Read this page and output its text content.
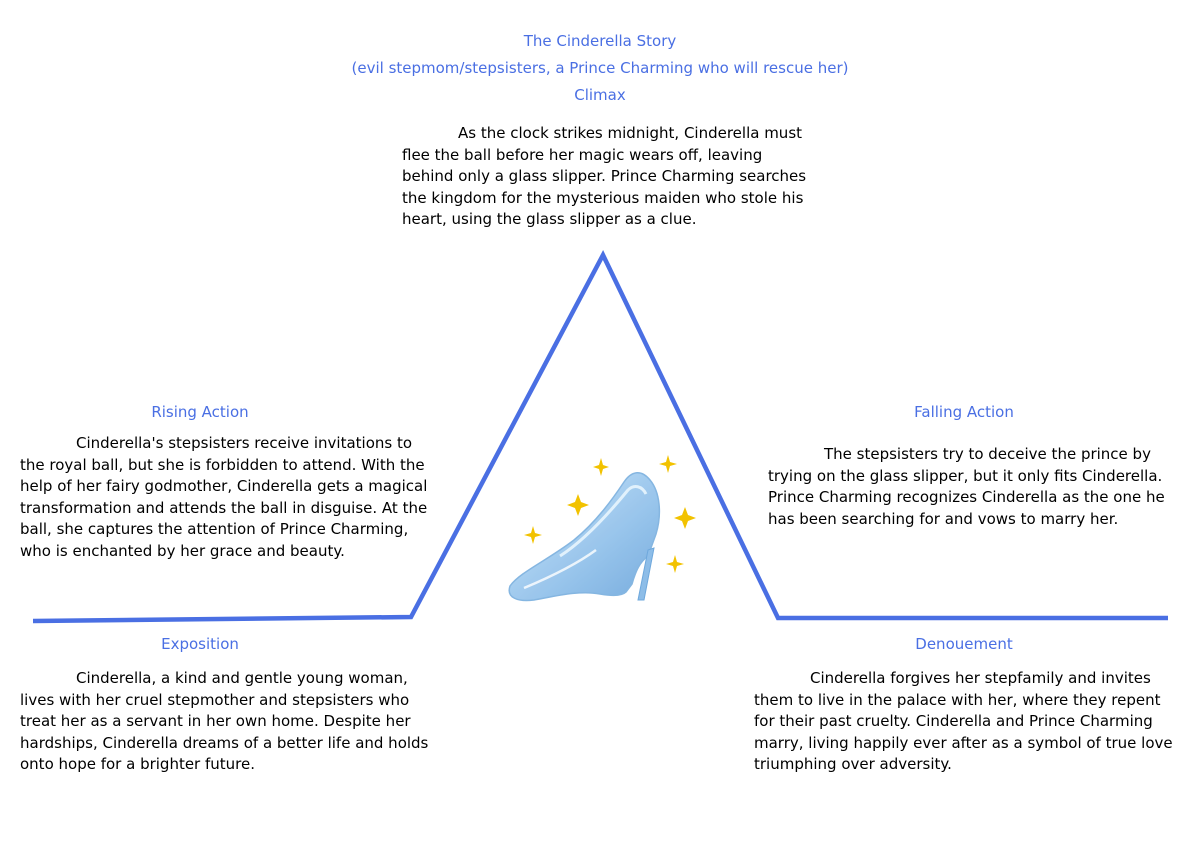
The Cinderella Story
(evil stepmom/stepsisters, a Prince Charming who will rescue her)
Climax
Rising Action	Falling Action
Exposition	Denouement

As the clock strikes midnight, Cinderella must flee the ball before her magic wears off, leaving behind only a glass slipper. Prince Charming searches the kingdom for the mysterious maiden who stole his heart, using the glass slipper as a clue.

Cinderella's stepsisters receive invitations to the royal ball, but she is forbidden to attend. With the help of her fairy godmother, Cinderella gets a magical transformation and attends the ball in disguise. At the ball, she captures the attention of Prince Charming, who is enchanted by her grace and beauty.

The stepsisters try to deceive the prince by trying on the glass slipper, but it only fits Cinderella. Prince Charming recognizes Cinderella as the one he has been searching for and vows to marry her.

Cinderella, a kind and gentle young woman, lives with her cruel stepmother and stepsisters who treat her as a servant in her own home. Despite her hardships, Cinderella dreams of a better life and holds onto hope for a brighter future.

Cinderella forgives her stepfamily and invites them to live in the palace with her, where they repent for their past cruelty. Cinderella and Prince Charming marry, living happily ever after as a symbol of true love triumphing over adversity.
